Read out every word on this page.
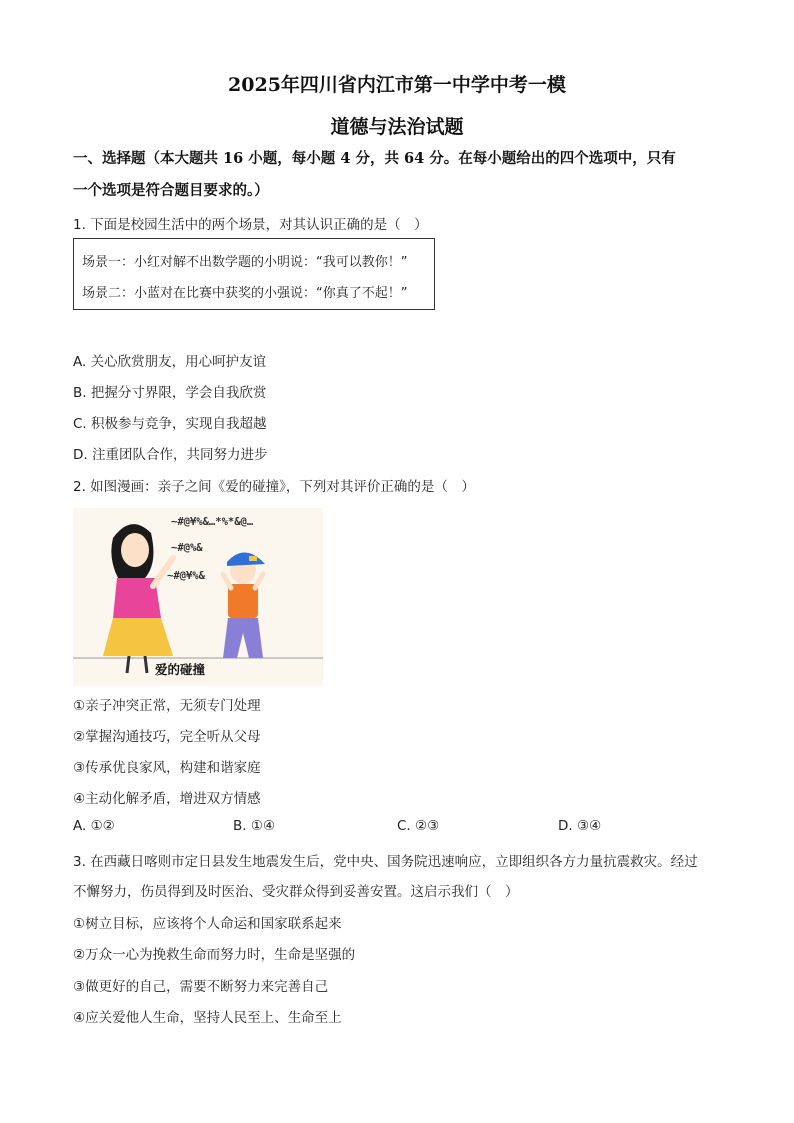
2025年四川省内江市第一中学中考一模
道德与法治试题
一、选择题（本大题共 16 小题，每小题 4 分，共 64 分。在每小题给出的四个选项中，只有
一个选项是符合题目要求的。）
1. 下面是校园生活中的两个场景，对其认识正确的是（　）
场景一：小红对解不出数学题的小明说：“我可以教你！”
场景二：小蓝对在比赛中获奖的小强说：“你真了不起！”
A. 关心欣赏朋友，用心呵护友谊
B. 把握分寸界限，学会自我欣赏
C. 积极参与竞争，实现自我超越
D. 注重团队合作，共同努力进步
2. 如图漫画：亲子之间《爱的碰撞》，下列对其评价正确的是（　）
~#@¥%&…*%*&@…
~#@%&
~#@¥%&
爱的碰撞
①亲子冲突正常，无须专门处理
②掌握沟通技巧，完全听从父母
③传承优良家风，构建和谐家庭
④主动化解矛盾，增进双方情感
A. ①②	B. ①④	C. ②③	D. ③④
3. 在西藏日喀则市定日县发生地震发生后，党中央、国务院迅速响应，立即组织各方力量抗震救灾。经过
不懈努力，伤员得到及时医治、受灾群众得到妥善安置。这启示我们（　）
①树立目标，应该将个人命运和国家联系起来
②万众一心为挽救生命而努力时，生命是坚强的
③做更好的自己，需要不断努力来完善自己
④应关爱他人生命，坚持人民至上、生命至上
